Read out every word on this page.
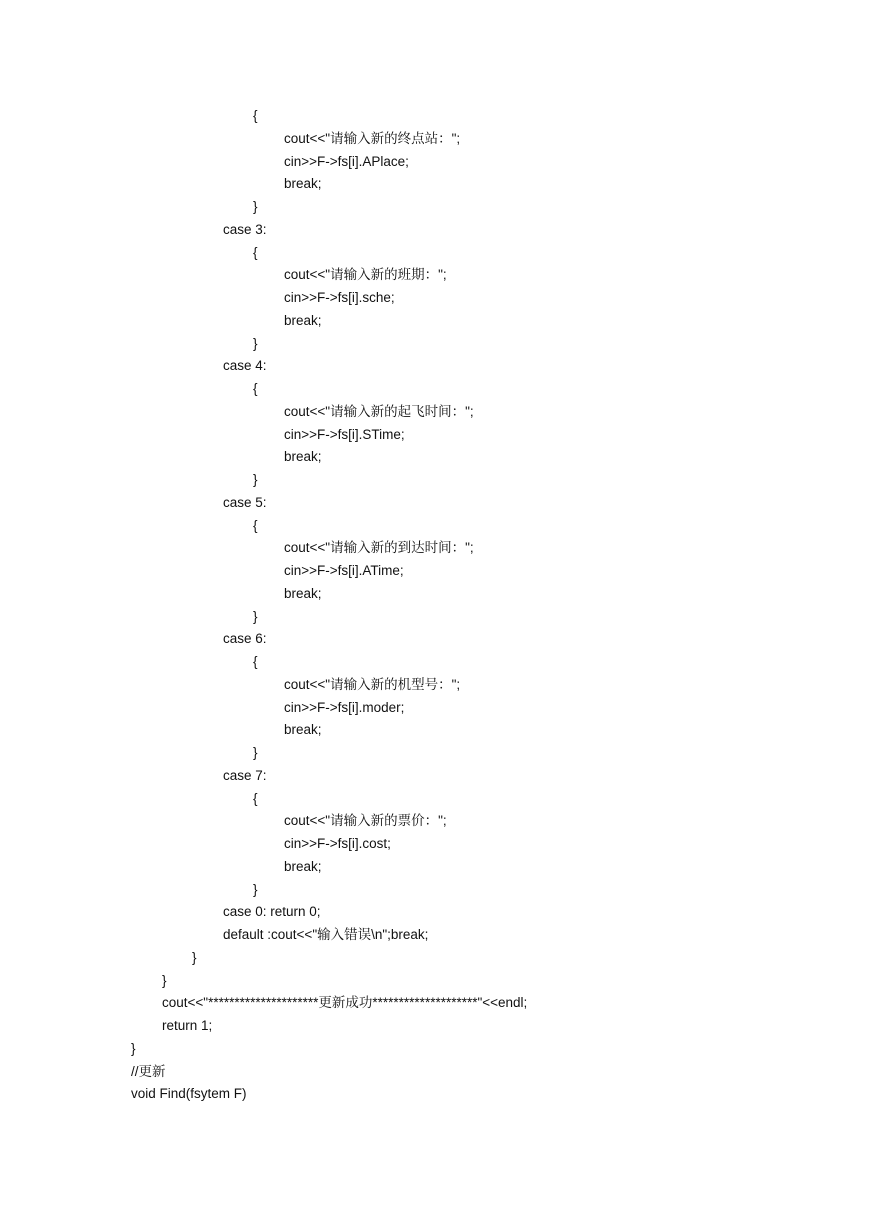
{
cout<<"请输入新的终点站：";
cin>>F->fs[i].APlace;
break;
}
case 3:
{
cout<<"请输入新的班期：";
cin>>F->fs[i].sche;
break;
}
case 4:
{
cout<<"请输入新的起飞时间：";
cin>>F->fs[i].STime;
break;
}
case 5:
{
cout<<"请输入新的到达时间：";
cin>>F->fs[i].ATime;
break;
}
case 6:
{
cout<<"请输入新的机型号：";
cin>>F->fs[i].moder;
break;
}
case 7:
{
cout<<"请输入新的票价：";
cin>>F->fs[i].cost;
break;
}
case 0: return 0;
default :cout<<"输入错误\n";break;
}
}
cout<<"*********************更新成功********************"<<endl;
return 1;
}
//更新
void Find(fsytem F)
